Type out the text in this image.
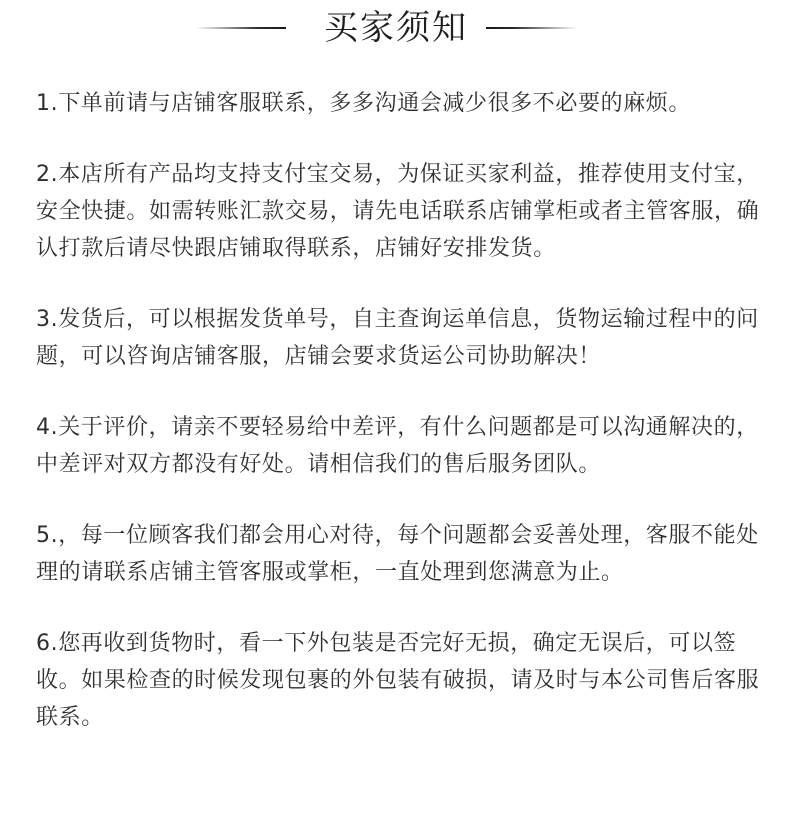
买家须知

1.下单前请与店铺客服联系，多多沟通会减少很多不必要的麻烦。

2.本店所有产品均支持支付宝交易，为保证买家利益，推荐使用支付宝，安全快捷。如需转账汇款交易，请先电话联系店铺掌柜或者主管客服，确认打款后请尽快跟店铺取得联系，店铺好安排发货。

3.发货后，可以根据发货单号，自主查询运单信息，货物运输过程中的问题，可以咨询店铺客服，店铺会要求货运公司协助解决！

4.关于评价，请亲不要轻易给中差评，有什么问题都是可以沟通解决的，中差评对双方都没有好处。请相信我们的售后服务团队。

5.，每一位顾客我们都会用心对待，每个问题都会妥善处理，客服不能处理的请联系店铺主管客服或掌柜，一直处理到您满意为止。

6.您再收到货物时，看一下外包装是否完好无损，确定无误后，可以签收。如果检查的时候发现包裹的外包装有破损，请及时与本公司售后客服联系。
